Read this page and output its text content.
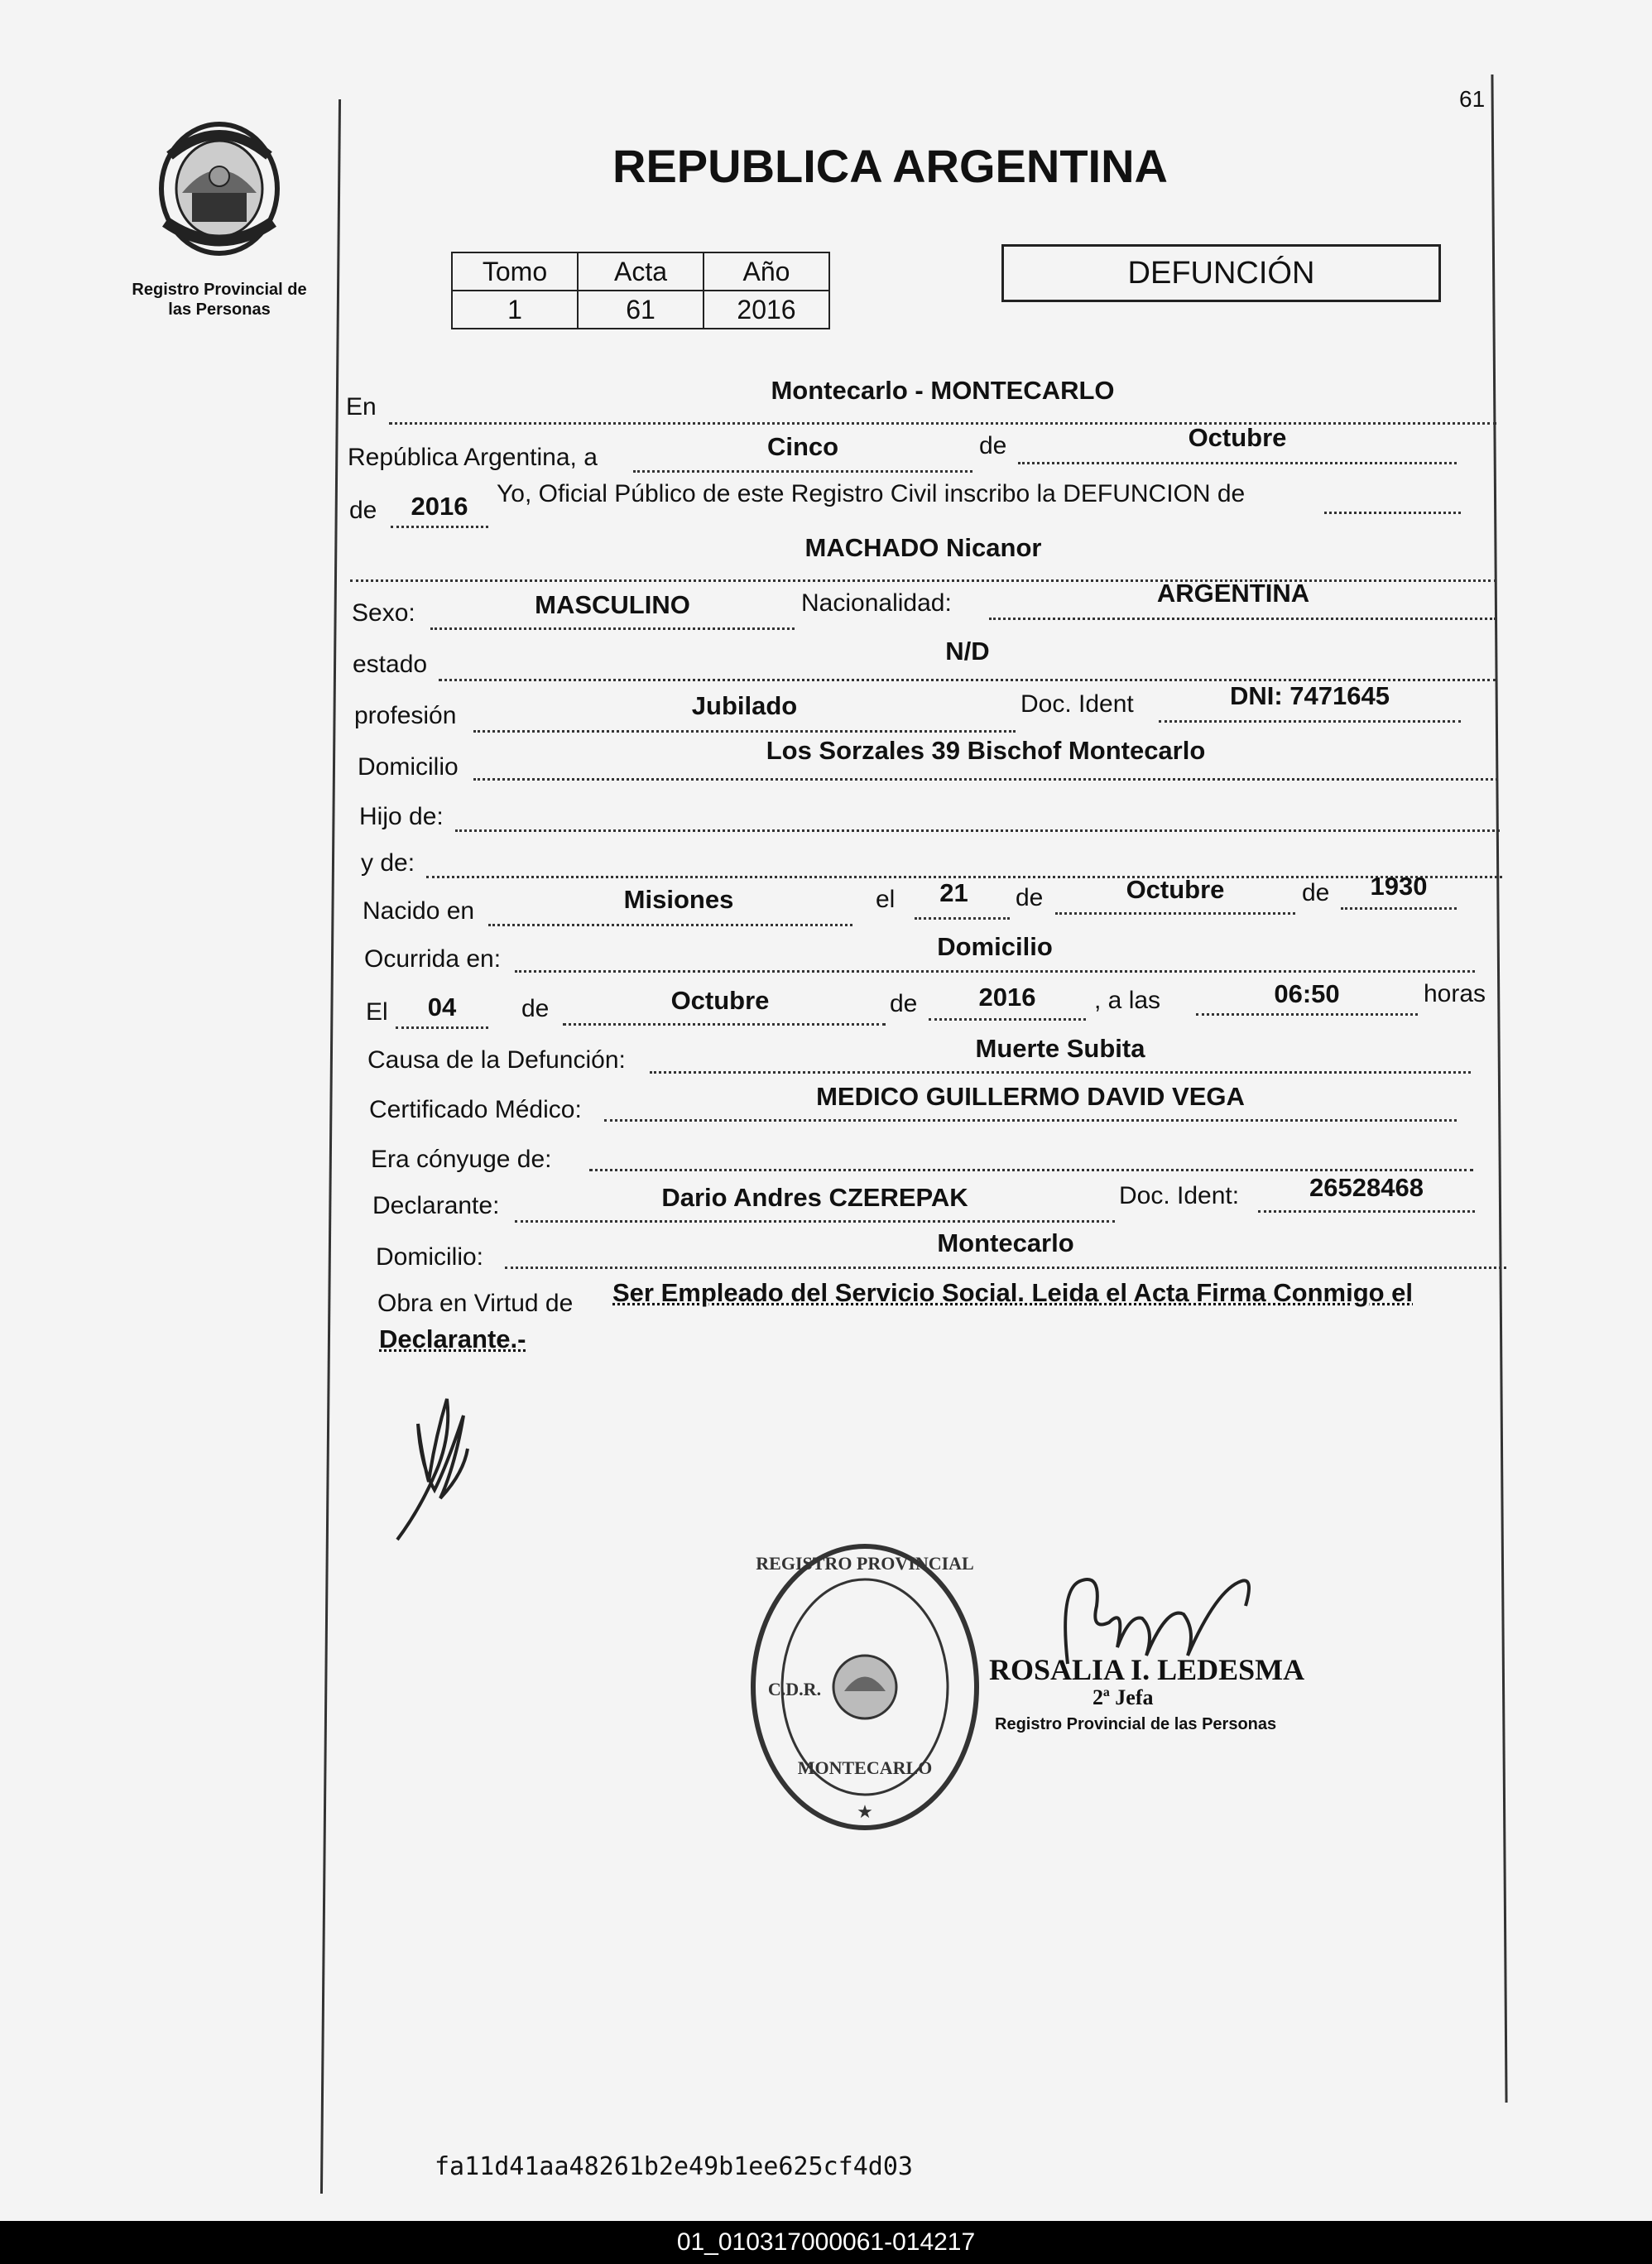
61
Registro Provincial de
las Personas
REPUBLICA ARGENTINA
Tomo	Acta	Año
1	61	2016
DEFUNCIÓN
En
Montecarlo - MONTECARLO
República Argentina, a	Cinco	de	Octubre
de	2016	Yo, Oficial Público de este Registro Civil inscribo la DEFUNCION de
MACHADO Nicanor
Sexo:	MASCULINO	Nacionalidad:	ARGENTINA
estado	N/D
profesión	Jubilado	Doc. Ident	DNI: 7471645
Domicilio
Los Sorzales 39 Bischof Montecarlo
Hijo de:
y de:
Nacido en	Misiones	el	21	de	Octubre	de	1930
Ocurrida en:	Domicilio
El	04	de	Octubre	de	2016	, a las	06:50	horas
Causa de la Defunción:	Muerte Subita
Certificado Médico:	MEDICO GUILLERMO DAVID VEGA
Era cónyuge de:
Declarante:	Dario Andres CZEREPAK	Doc. Ident:	26528468
Domicilio:	Montecarlo
Obra en Virtud de Ser Empleado del Servicio Social. Leida el Acta Firma Conmigo el
Declarante.-
REGISTRO PROVINCIAL
C.D.R.
MONTECARLO
★
ROSALIA I. LEDESMA
2ª Jefa
Registro Provincial de las Personas
fa11d41aa48261b2e49b1ee625cf4d03
01_010317000061-014217
